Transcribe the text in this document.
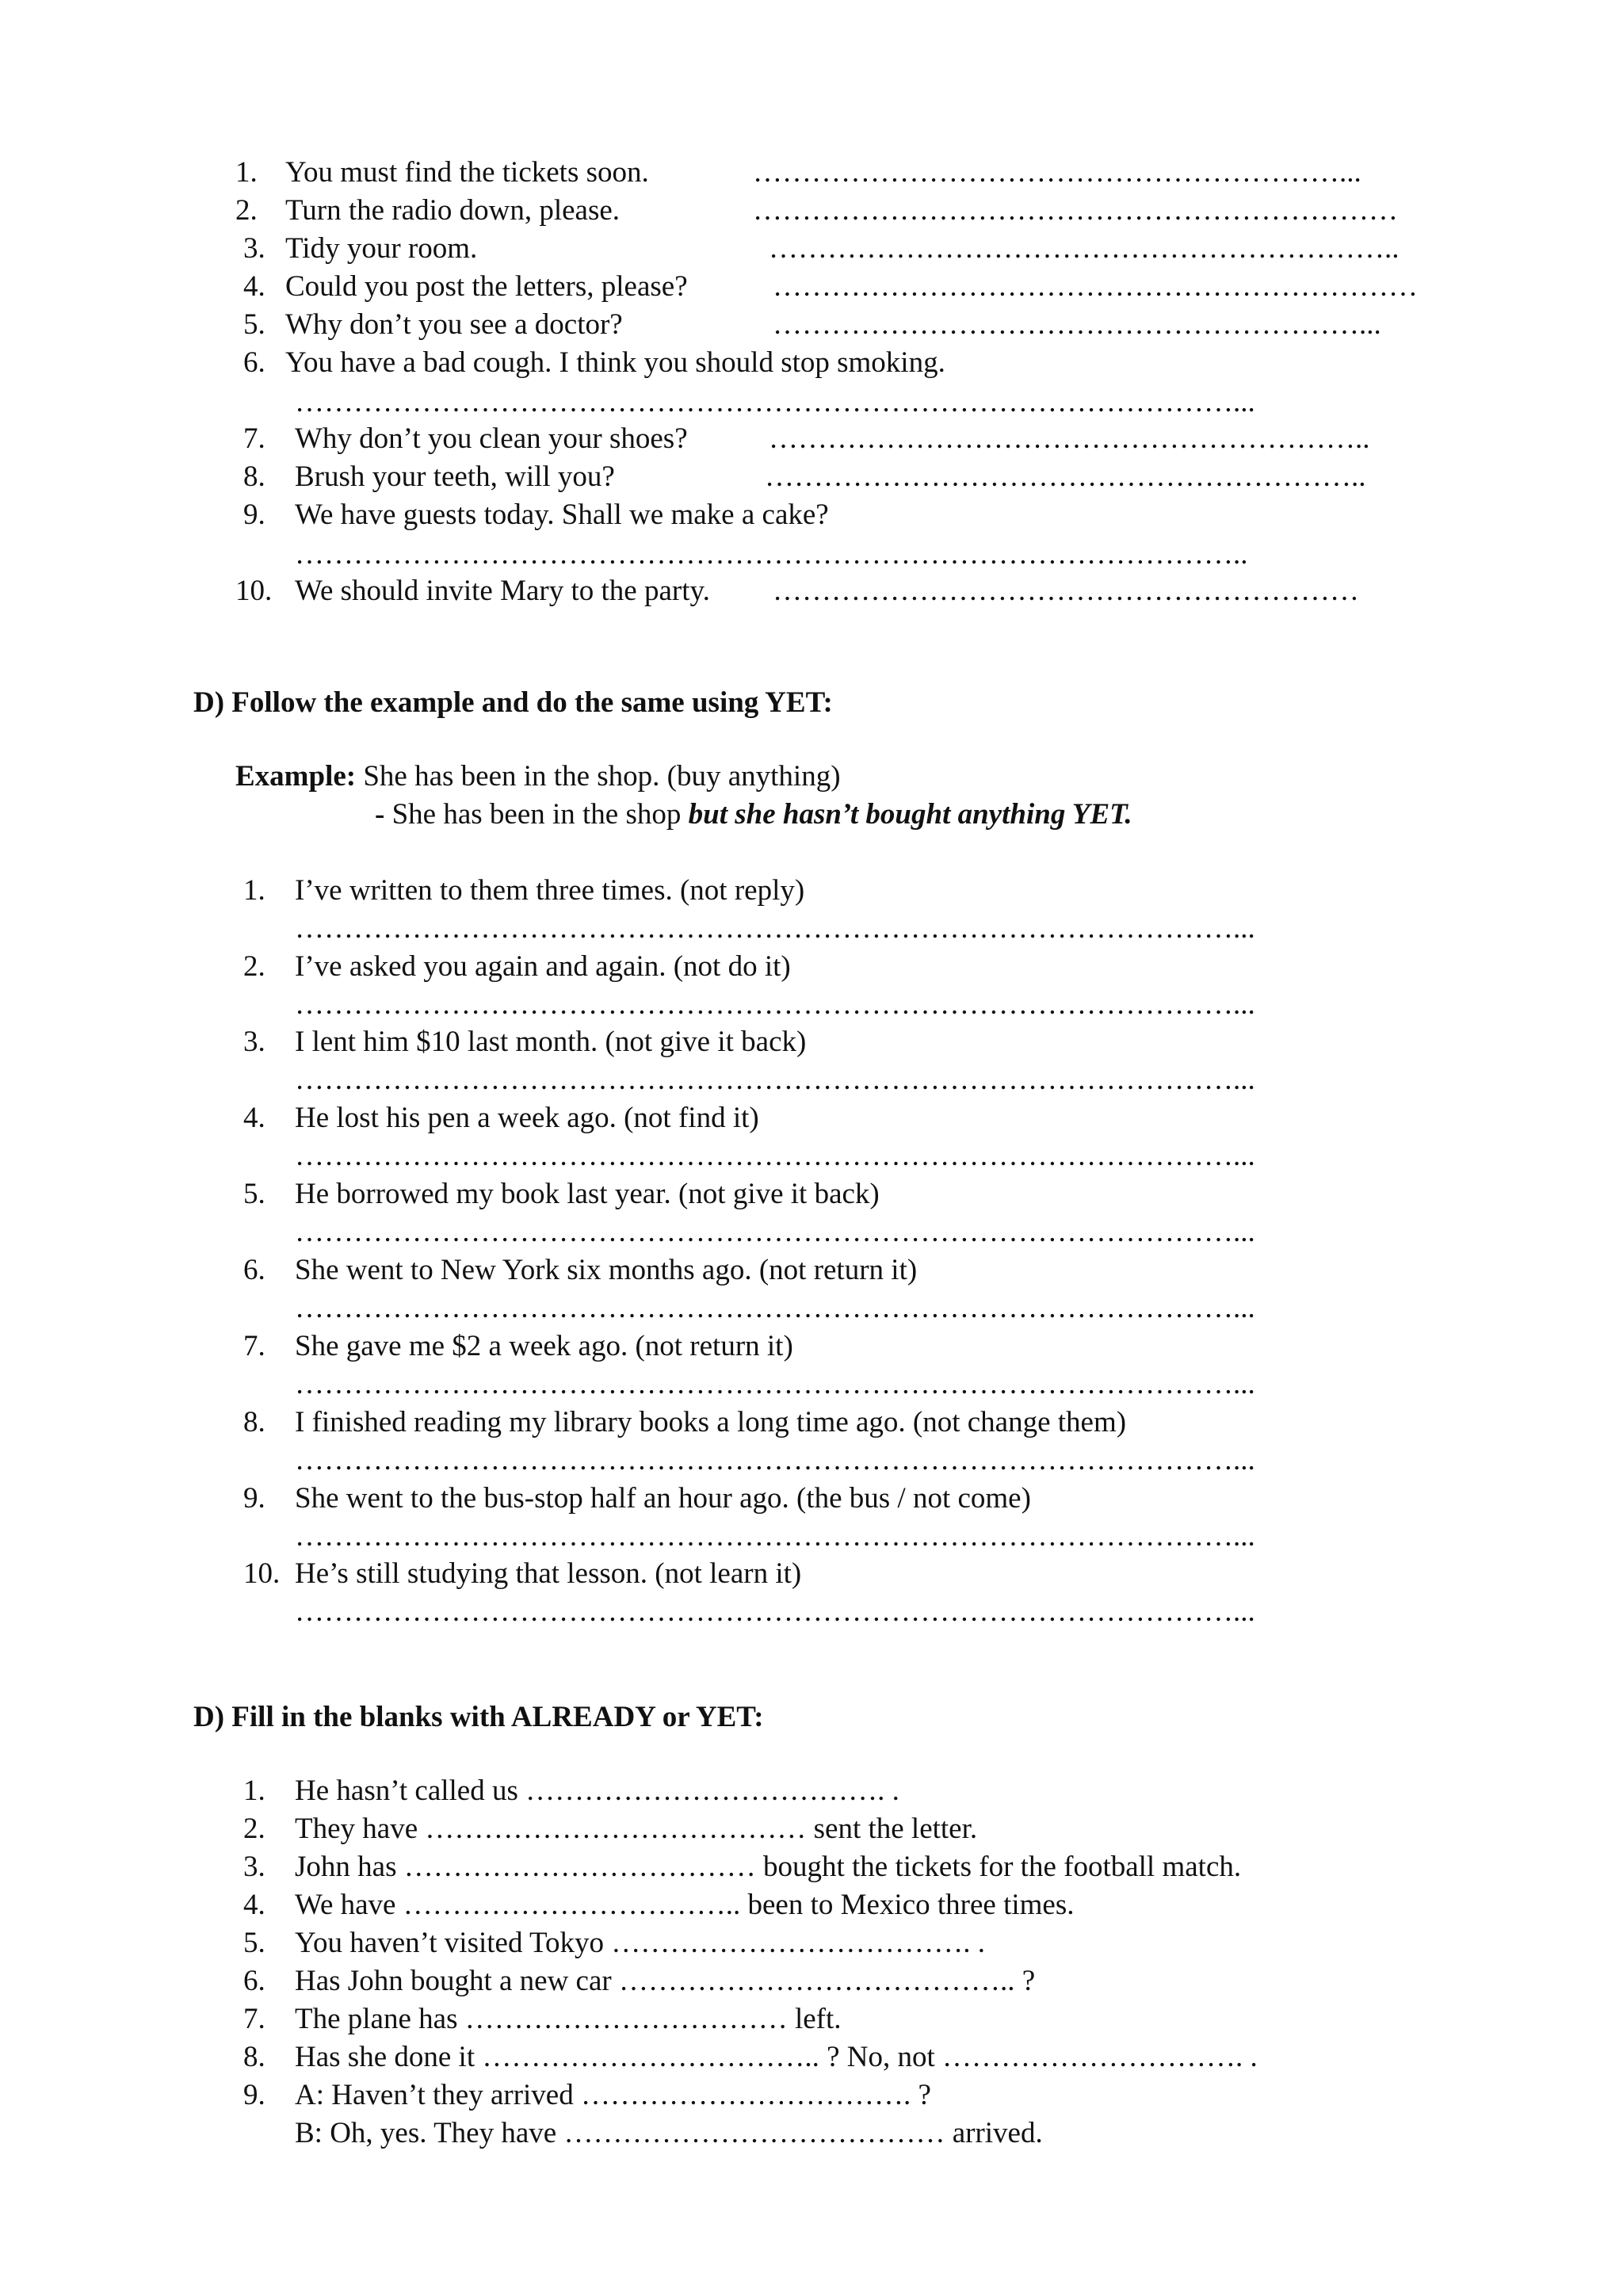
1. You must find the tickets soon.	……………………………………………………...
2. Turn the radio down, please.	…………………………………………………………
3. Tidy your room.	………………………………………………………..
4. Could you post the letters, please?	…………………………………………………………
5. Why don’t you see a doctor?	……………………………………………………...
6. You have a bad cough. I think you should stop smoking.
……………………………………………………………………………………...
7. Why don’t you clean your shoes?	……………………………………………………..
8. Brush your teeth, will you?	……………………………………………………..
9. We have guests today. Shall we make a cake?
……………………………………………………………………………………..
10. We should invite Mary to the party. ……………………………………………………
D) Follow the example and do the same using YET:
Example: She has been in the shop. (buy anything)
- She has been in the shop but she hasn’t bought anything YET.
1. I’ve written to them three times. (not reply)
……………………………………………………………………………………...
2. I’ve asked you again and again. (not do it)
……………………………………………………………………………………...
3. I lent him $10 last month. (not give it back)
……………………………………………………………………………………...
4. He lost his pen a week ago. (not find it)
……………………………………………………………………………………...
5. He borrowed my book last year. (not give it back)
……………………………………………………………………………………...
6. She went to New York six months ago. (not return it)
……………………………………………………………………………………...
7. She gave me $2 a week ago. (not return it)
……………………………………………………………………………………...
8. I finished reading my library books a long time ago. (not change them)
……………………………………………………………………………………...
9. She went to the bus-stop half an hour ago. (the bus / not come)
……………………………………………………………………………………...
10. He’s still studying that lesson. (not learn it)
……………………………………………………………………………………...
D) Fill in the blanks with ALREADY or YET:
1. He hasn’t called us ………………………………. .
2. They have ………………………………… sent the letter.
3. John has ……………………………… bought the tickets for the football match.
4. We have …………………………….. been to Mexico three times.
5. You haven’t visited Tokyo ………………………………. .
6. Has John bought a new car ………………………………….. ?
7. The plane has …………………………… left.
8. Has she done it …………………………….. ? No, not …………………………. .
9. A: Haven’t they arrived ……………………………. ?
B: Oh, yes. They have ………………………………… arrived.
